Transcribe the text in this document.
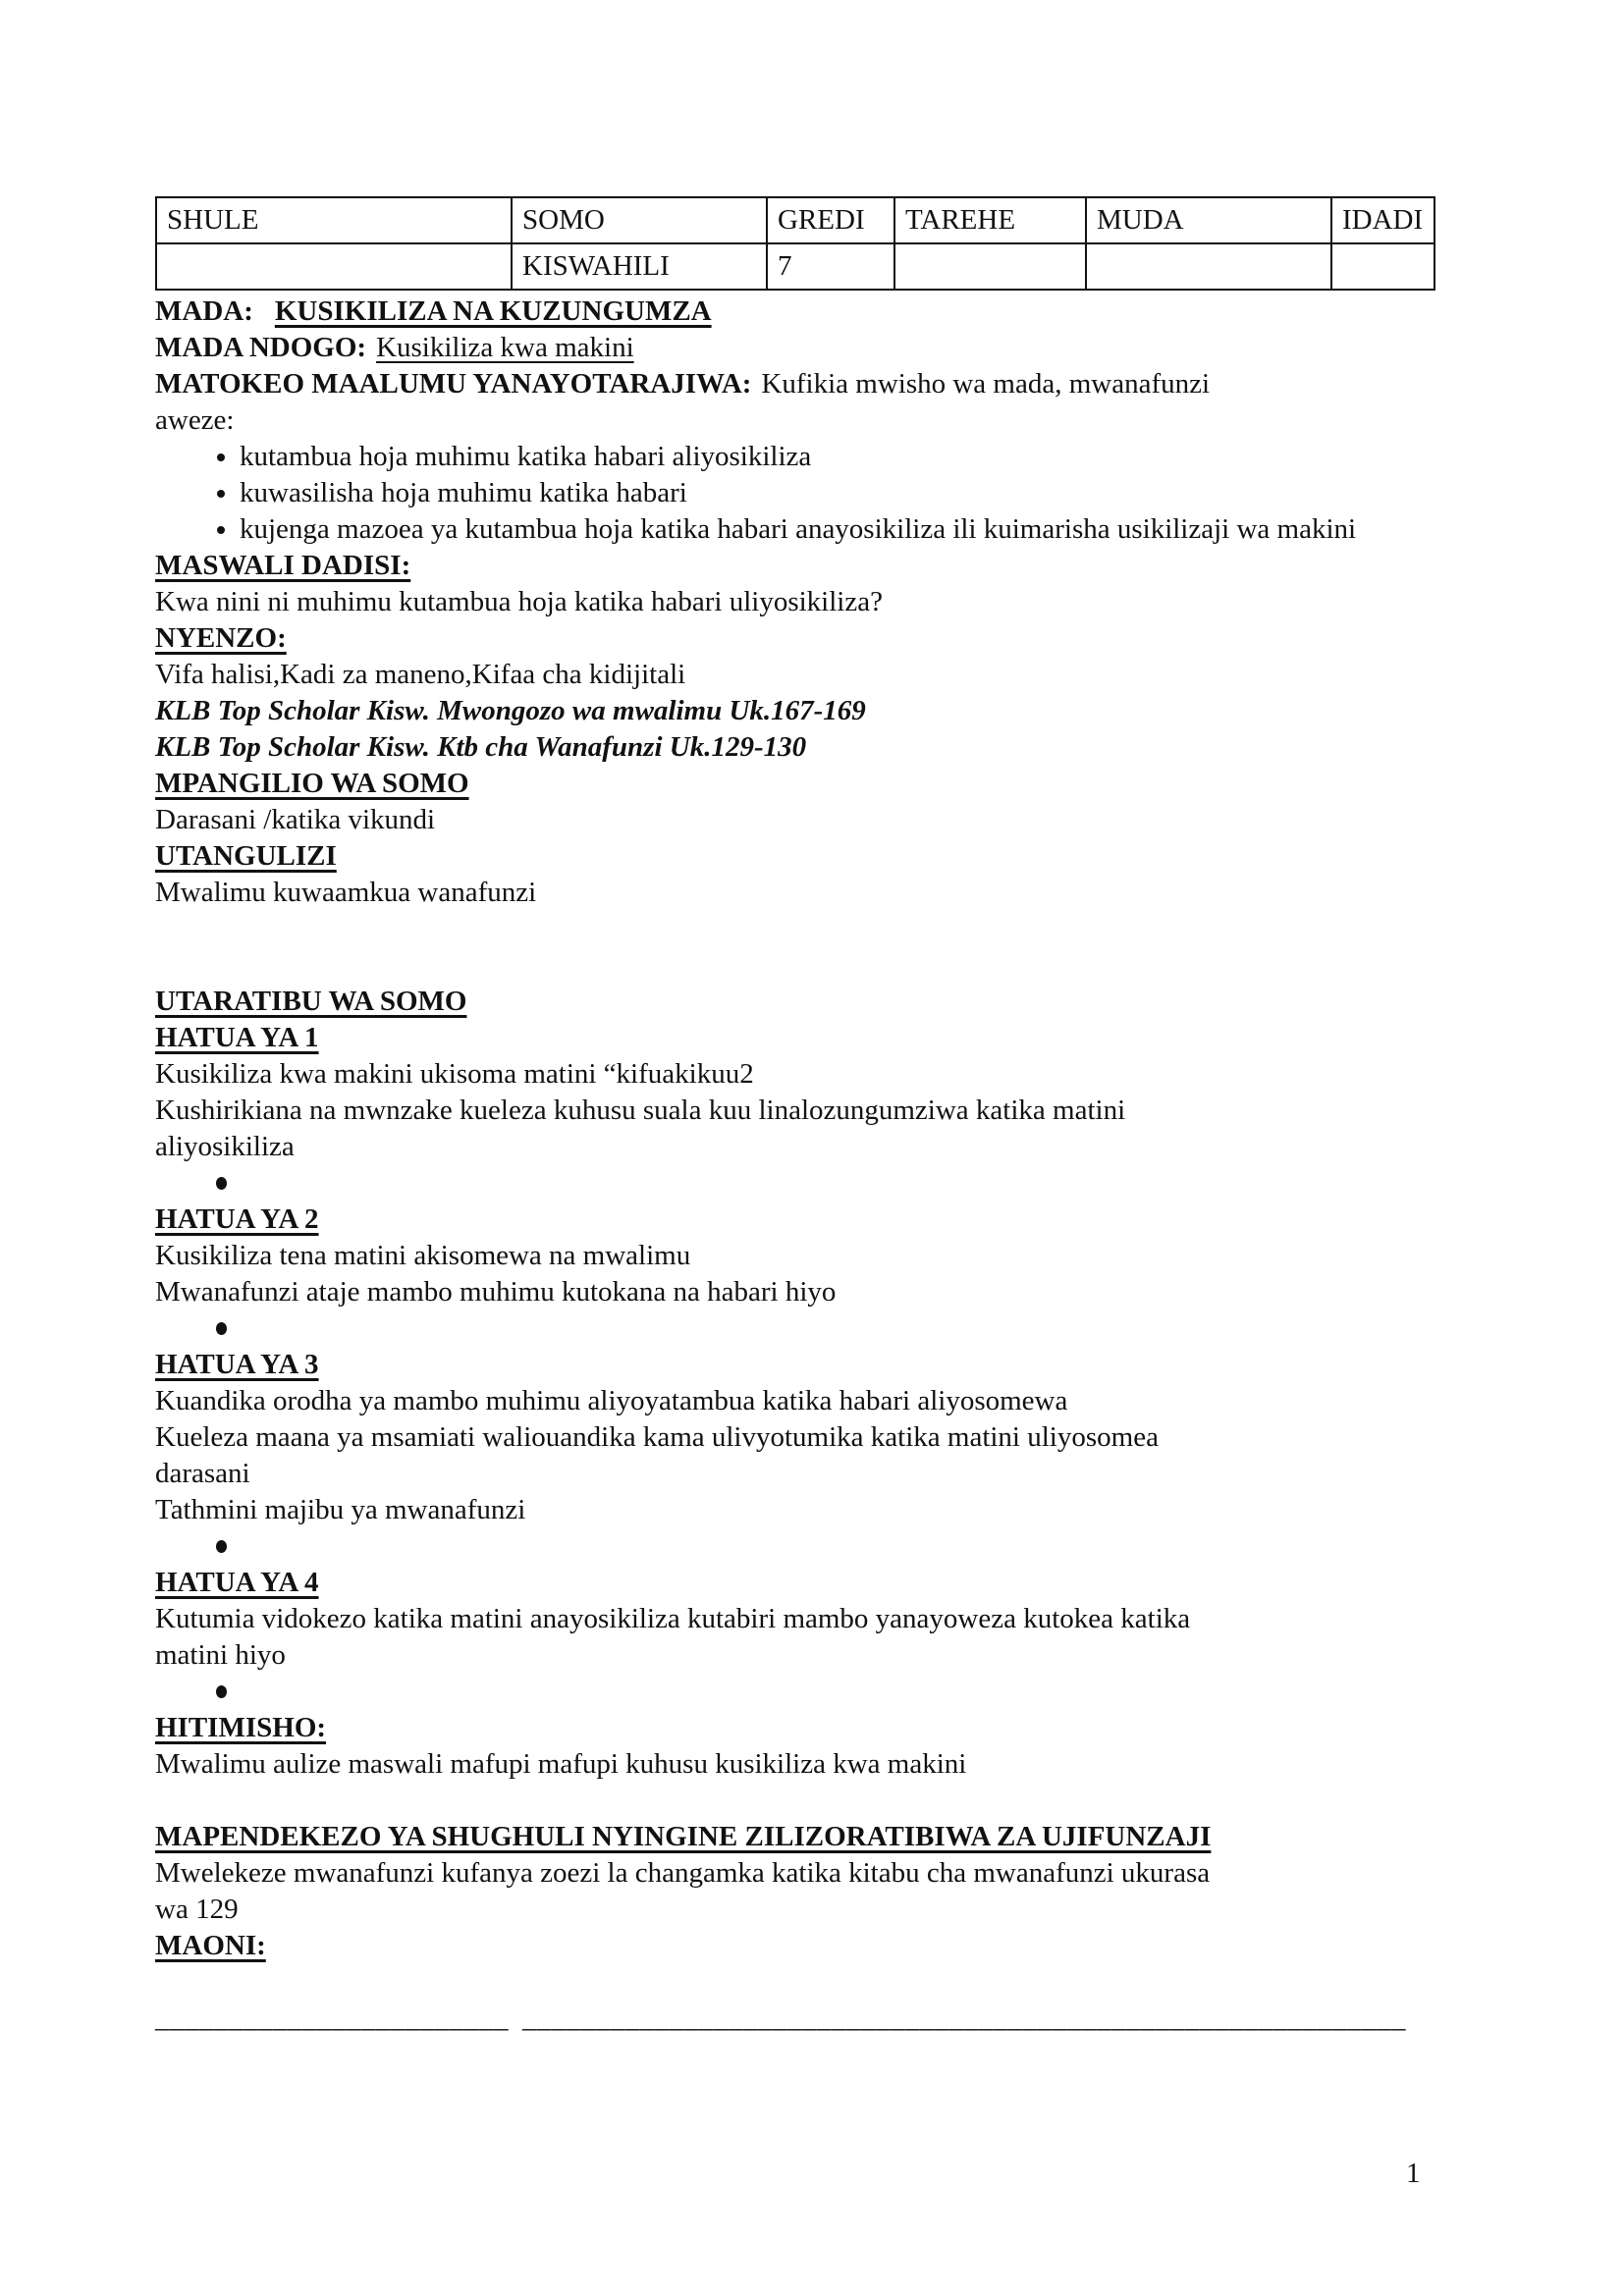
SHULE	SOMO	GREDI	TAREHE	MUDA	IDADI
	KISWAHILI	7			
MADA: KUSIKILIZA NA KUZUNGUMZA
MADA NDOGO: Kusikiliza kwa makini
MATOKEO MAALUMU YANAYOTARAJIWA: Kufikia mwisho wa mada, mwanafunzi
aweze:
• kutambua hoja muhimu katika habari aliyosikiliza
• kuwasilisha hoja muhimu katika habari
• kujenga mazoea ya kutambua hoja katika habari anayosikiliza ili kuimarisha usikilizaji wa makini
MASWALI DADISI:
Kwa nini ni muhimu kutambua hoja katika habari uliyosikiliza?
NYENZO:
Vifa halisi,Kadi za maneno,Kifaa cha kidijitali
KLB Top Scholar Kisw. Mwongozo wa mwalimu Uk.167-169
KLB Top Scholar Kisw. Ktb cha Wanafunzi Uk.129-130
MPANGILIO WA SOMO
Darasani /katika vikundi
UTANGULIZI
Mwalimu kuwaamkua wanafunzi
UTARATIBU WA SOMO
HATUA YA 1
Kusikiliza kwa makini ukisoma matini “kifuakikuu2
Kushirikiana na mwnzake kueleza kuhusu suala kuu linalozungumziwa katika matini
aliyosikiliza
HATUA YA 2
Kusikiliza tena matini akisomewa na mwalimu
Mwanafunzi ataje mambo muhimu kutokana na habari hiyo
HATUA YA 3
Kuandika orodha ya mambo muhimu aliyoyatambua katika habari aliyosomewa
Kueleza maana ya msamiati waliouandika kama ulivyotumika katika matini uliyosomea
darasani
Tathmini majibu ya mwanafunzi
HATUA YA 4
Kutumia vidokezo katika matini anayosikiliza kutabiri mambo yanayoweza kutokea katika
matini hiyo
HITIMISHO:
Mwalimu aulize maswali mafupi mafupi kuhusu kusikiliza kwa makini
MAPENDEKEZO YA SHUGHULI NYINGINE ZILIZORATIBIWA ZA UJIFUNZAJI
Mwelekeze mwanafunzi kufanya zoezi la changamka katika kitabu cha mwanafunzi ukurasa
wa 129
MAONI:
________________________ ____________________________________________________________
1
